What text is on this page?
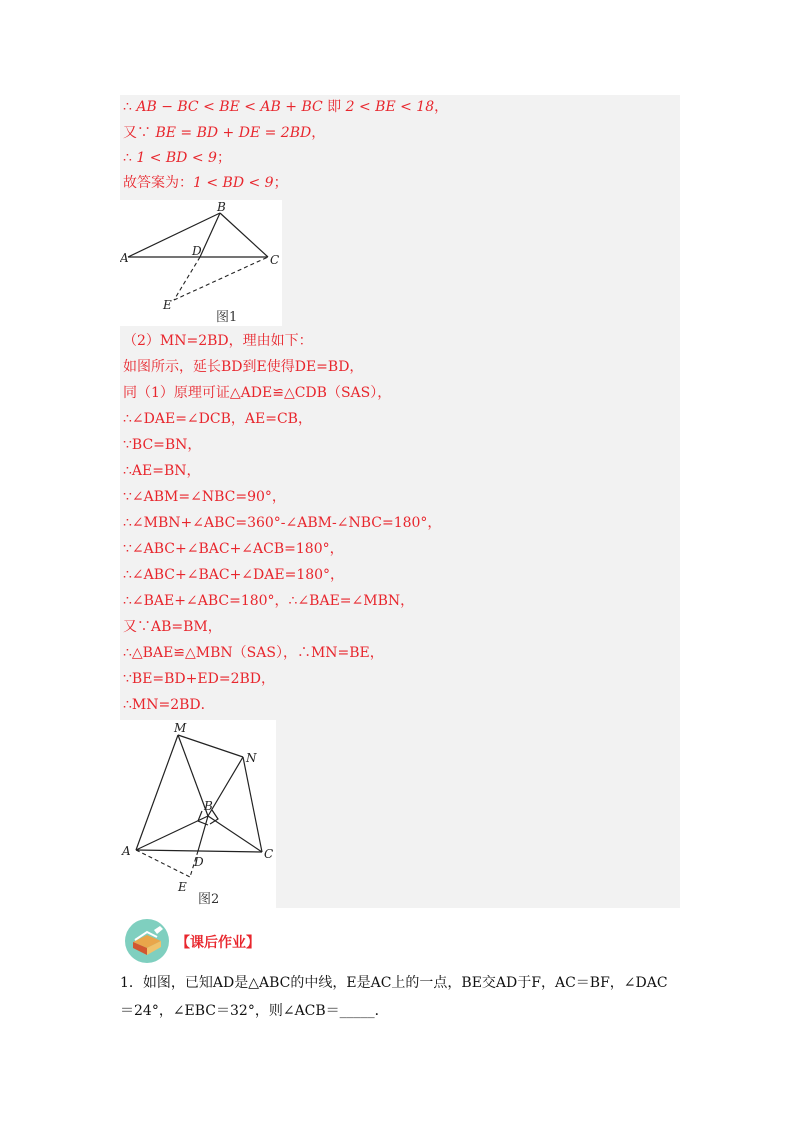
∴ AB − BC < BE < AB + BC 即 2 < BE < 18，
又∵ BE = BD + DE = 2BD，
∴ 1 < BD < 9；
故答案为：1 < BD < 9；
A
B
C
D
E
图1
（2）MN=2BD，理由如下：
如图所示，延长BD到E使得DE=BD，
同（1）原理可证△ADE≌△CDB（SAS），
∴∠DAE=∠DCB，AE=CB，
∵BC=BN，
∴AE=BN，
∵∠ABM=∠NBC=90°，
∴∠MBN+∠ABC=360°-∠ABM-∠NBC=180°，
∵∠ABC+∠BAC+∠ACB=180°，
∴∠ABC+∠BAC+∠DAE=180°，
∴∠BAE+∠ABC=180°，∴∠BAE=∠MBN，
又∵AB=BM，
∴△BAE≌△MBN（SAS），∴MN=BE，
∵BE=BD+ED=2BD，
∴MN=2BD．
M
N
B
A	C
D
E
图2
【课后作业】
1．如图，已知AD是△ABC的中线，E是AC上的一点，BE交AD于F，AC＝BF，∠DAC
＝24°，∠EBC＝32°，则∠ACB＝_____．
